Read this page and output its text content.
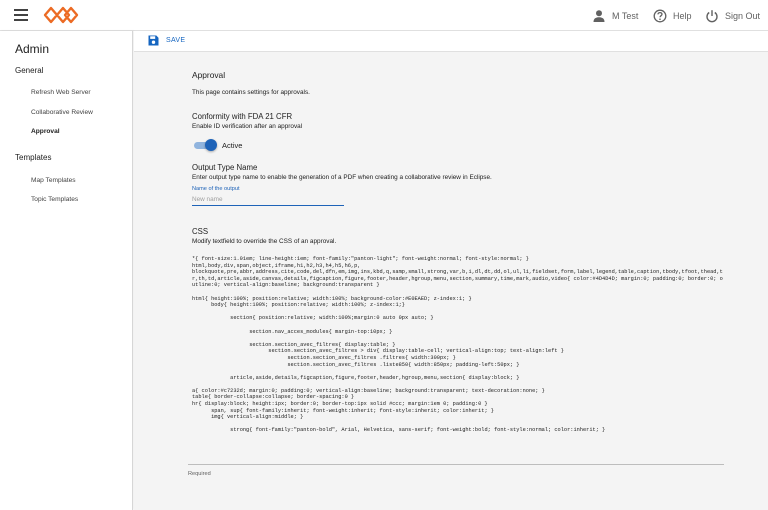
M Test	Help	Sign Out
Admin
General
Refresh Web Server
Collaborative Review
Approval
Templates
Map Templates
Topic Templates
SAVE
Approval
This page contains settings for approvals.
Conformity with FDA 21 CFR
Enable ID verification after an approval
Active
Output Type Name
Enter output type name to enable the generation of a PDF when creating a collaborative review in Eclipse.
Name of the output
New name
CSS
Modify textfield to override the CSS of an approval.
*{ font-size:1.01em; line-height:1em; font-family:"panton-light"; font-weight:normal; font-style:normal; }
html,body,div,span,object,iframe,h1,h2,h3,h4,h5,h6,p,
blockquote,pre,abbr,address,cite,code,del,dfn,em,img,ins,kbd,q,samp,small,strong,var,b,i,dl,dt,dd,ol,ul,li,fieldset,form,label,legend,table,caption,tbody,tfoot,thead,tr,th,td,article,aside,canvas,details,figcaption,figure,footer,header,hgroup,menu,section,summary,time,mark,audio,video{ color:#4D4D4D; margin:0; padding:0; border:0; outline:0; vertical-align:baseline; background:transparent }

html{ height:100%; position:relative; width:100%; background-color:#E0EAED; z-index:1; }
body{ height:100%; position:relative; width:100%; z-index:1;}

section{ position:relative; width:100%;margin:0 auto 0px auto; }

section.nav_acces_modules{ margin-top:10px; }

section.section_avec_filtres{ display:table; }
section.section_avec_filtres > div{ display:table-cell; vertical-align:top; text-align:left }
section.section_avec_filtres .filtres{ width:300px; }
section.section_avec_filtres .liste850{ width:850px; padding-left:50px; }

article,aside,details,figcaption,figure,footer,header,hgroup,menu,section{ display:block; }

a{ color:#c7232d; margin:0; padding:0; vertical-align:baseline; background:transparent; text-decoration:none; }
table{ border-collapse:collapse; border-spacing:0 }
hr{ display:block; height:1px; border:0; border-top:1px solid #ccc; margin:1em 0; padding:0 }
span, sup{ font-family:inherit; font-weight:inherit; font-style:inherit; color:inherit; }
img{ vertical-align:middle; }

strong{ font-family:"panton-bold", Arial, Helvetica, sans-serif; font-weight:bold; font-style:normal; color:inherit; }
Required
